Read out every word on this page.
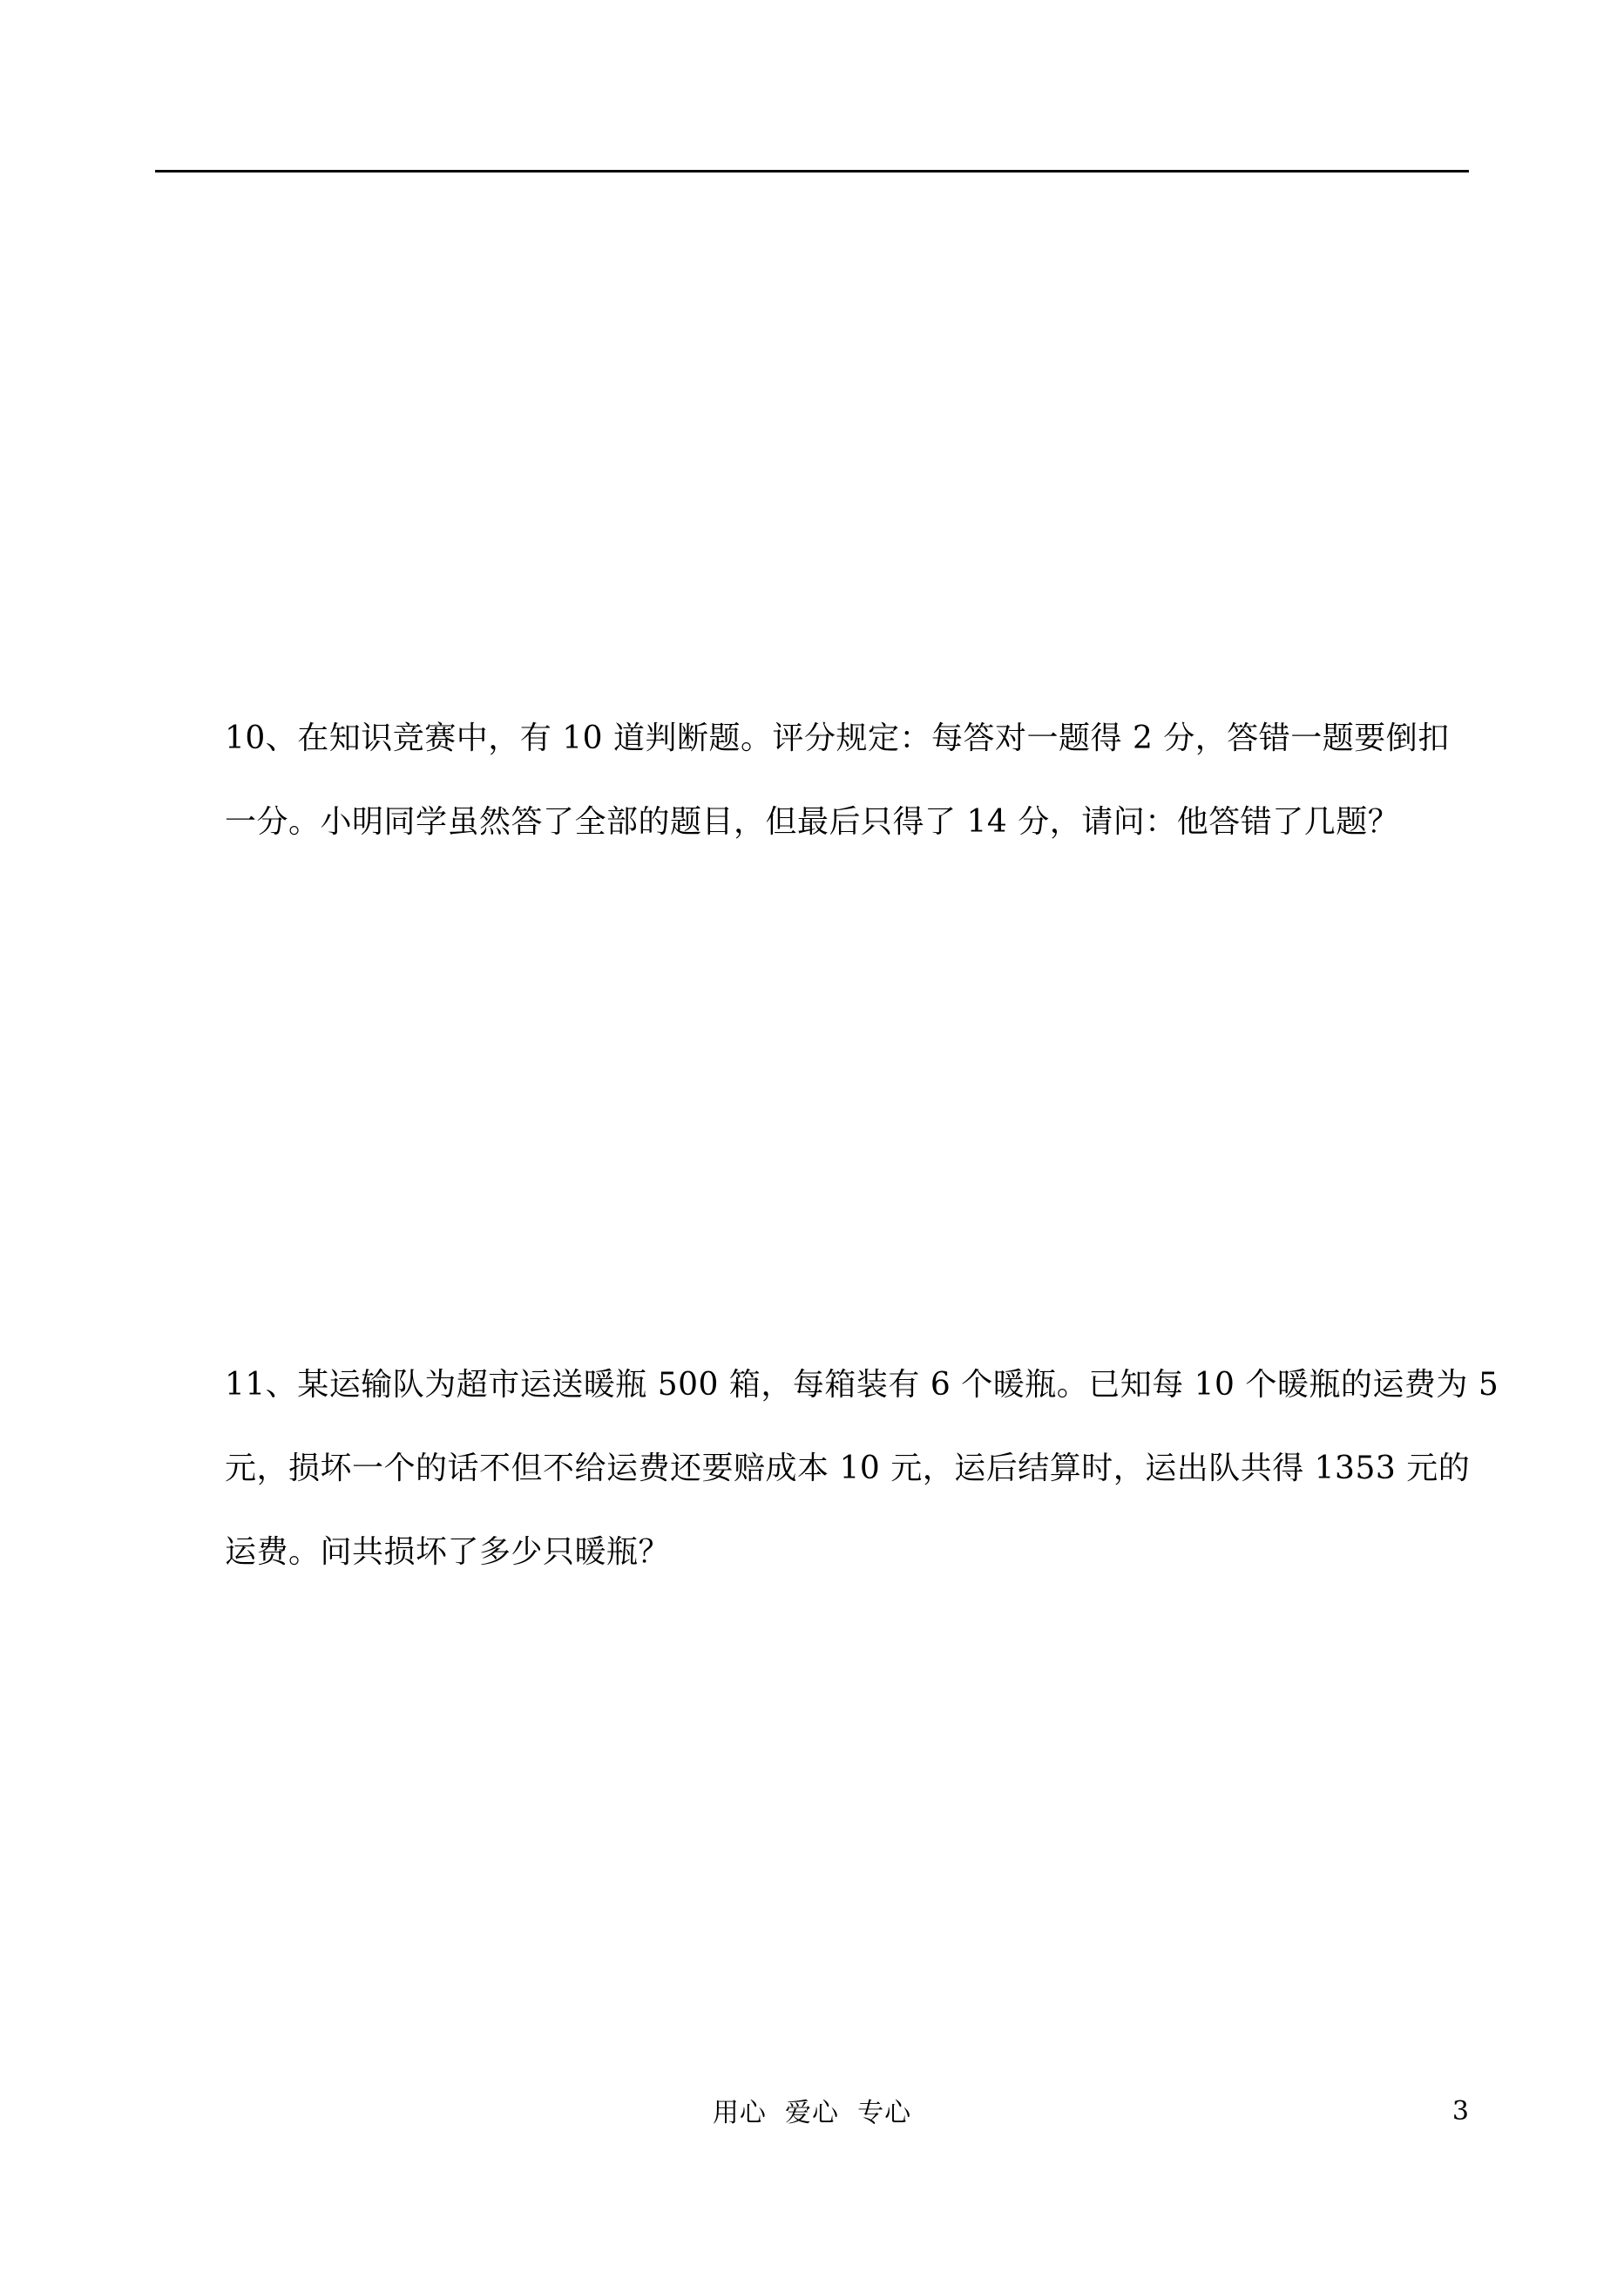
10、在知识竞赛中，有 10 道判断题。评分规定：每答对一题得 2 分，答错一题要倒扣
一分。小明同学虽然答了全部的题目，但最后只得了 14 分，请问：他答错了几题？
11、某运输队为超市运送暖瓶 500 箱，每箱装有 6 个暖瓶。已知每 10 个暖瓶的运费为 5
元，损坏一个的话不但不给运费还要赔成本 10 元，运后结算时，运出队共得 1353 元的
运费。问共损坏了多少只暖瓶？
用心  爱心  专心	3
